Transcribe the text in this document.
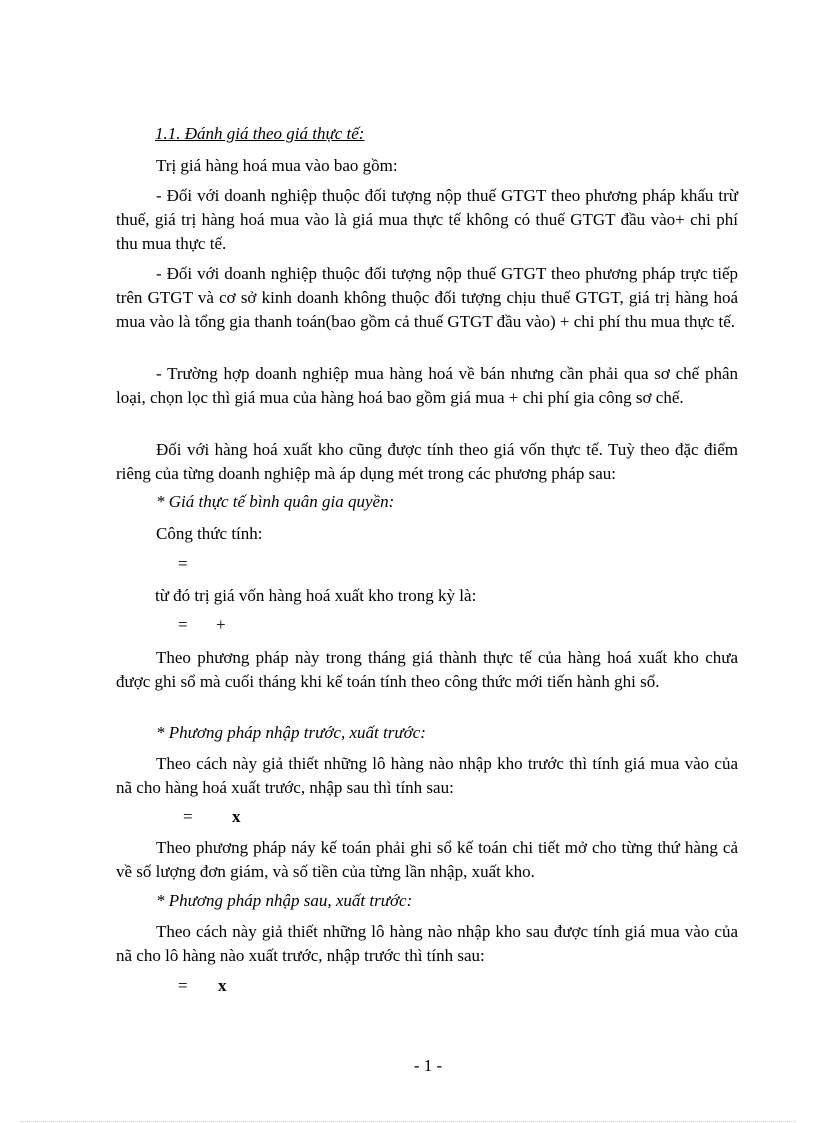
1.1. Đánh giá theo giá thực tế:
Trị giá hàng hoá mua vào bao gồm:
- Đối với doanh nghiệp thuộc đối tượng nộp thuế GTGT theo phương pháp khấu trừ thuế, giá trị hàng hoá mua vào là giá mua thực tế không có thuế GTGT đầu vào+ chi phí thu mua thực tế.
- Đối với doanh nghiệp thuộc đối tượng nộp thuế GTGT theo phương pháp trực tiếp trên GTGT và cơ sở kinh doanh không thuộc đối tượng chịu thuế GTGT, giá trị hàng hoá mua vào là tổng gia thanh toán(bao gồm cả thuế GTGT đầu vào) + chi phí thu mua thực tế.
- Trường hợp doanh nghiệp mua hàng hoá về bán nhưng cần phải qua sơ chế phân loại, chọn lọc thì giá mua của hàng hoá bao gồm giá mua + chi phí gia công sơ chế.
Đối với hàng hoá xuất kho cũng được tính theo giá vốn thực tế. Tuỳ theo đặc điểm riêng của từng doanh nghiệp mà áp dụng mét trong các phương pháp sau:
* Giá thực tế bình quân gia quyền:
Công thức tính:
=
từ đó trị giá vốn hàng hoá xuất kho trong kỳ là:
= +
Theo phương pháp này trong tháng giá thành thực tế của hàng hoá xuất kho chưa được ghi sổ mà cuối tháng khi kế toán tính theo công thức mới tiến hành ghi sổ.
* Phương pháp nhập trước, xuất trước:
Theo cách này giả thiết những lô hàng nào nhập kho trước thì tính giá mua vào của nã cho hàng hoá xuất trước, nhập sau thì tính sau:
= x
Theo phương pháp náy kế toán phải ghi sổ kế toán chi tiết mở cho từng thứ hàng cả về số lượng đơn giám, và số tiền của từng lần nhập, xuất kho.
* Phương pháp nhập sau, xuất trước:
Theo cách này giả thiết những lô hàng nào nhập kho sau được tính giá mua vào của nã cho lô hàng nào xuất trước, nhập trước thì tính sau:
= x
- 1 -
